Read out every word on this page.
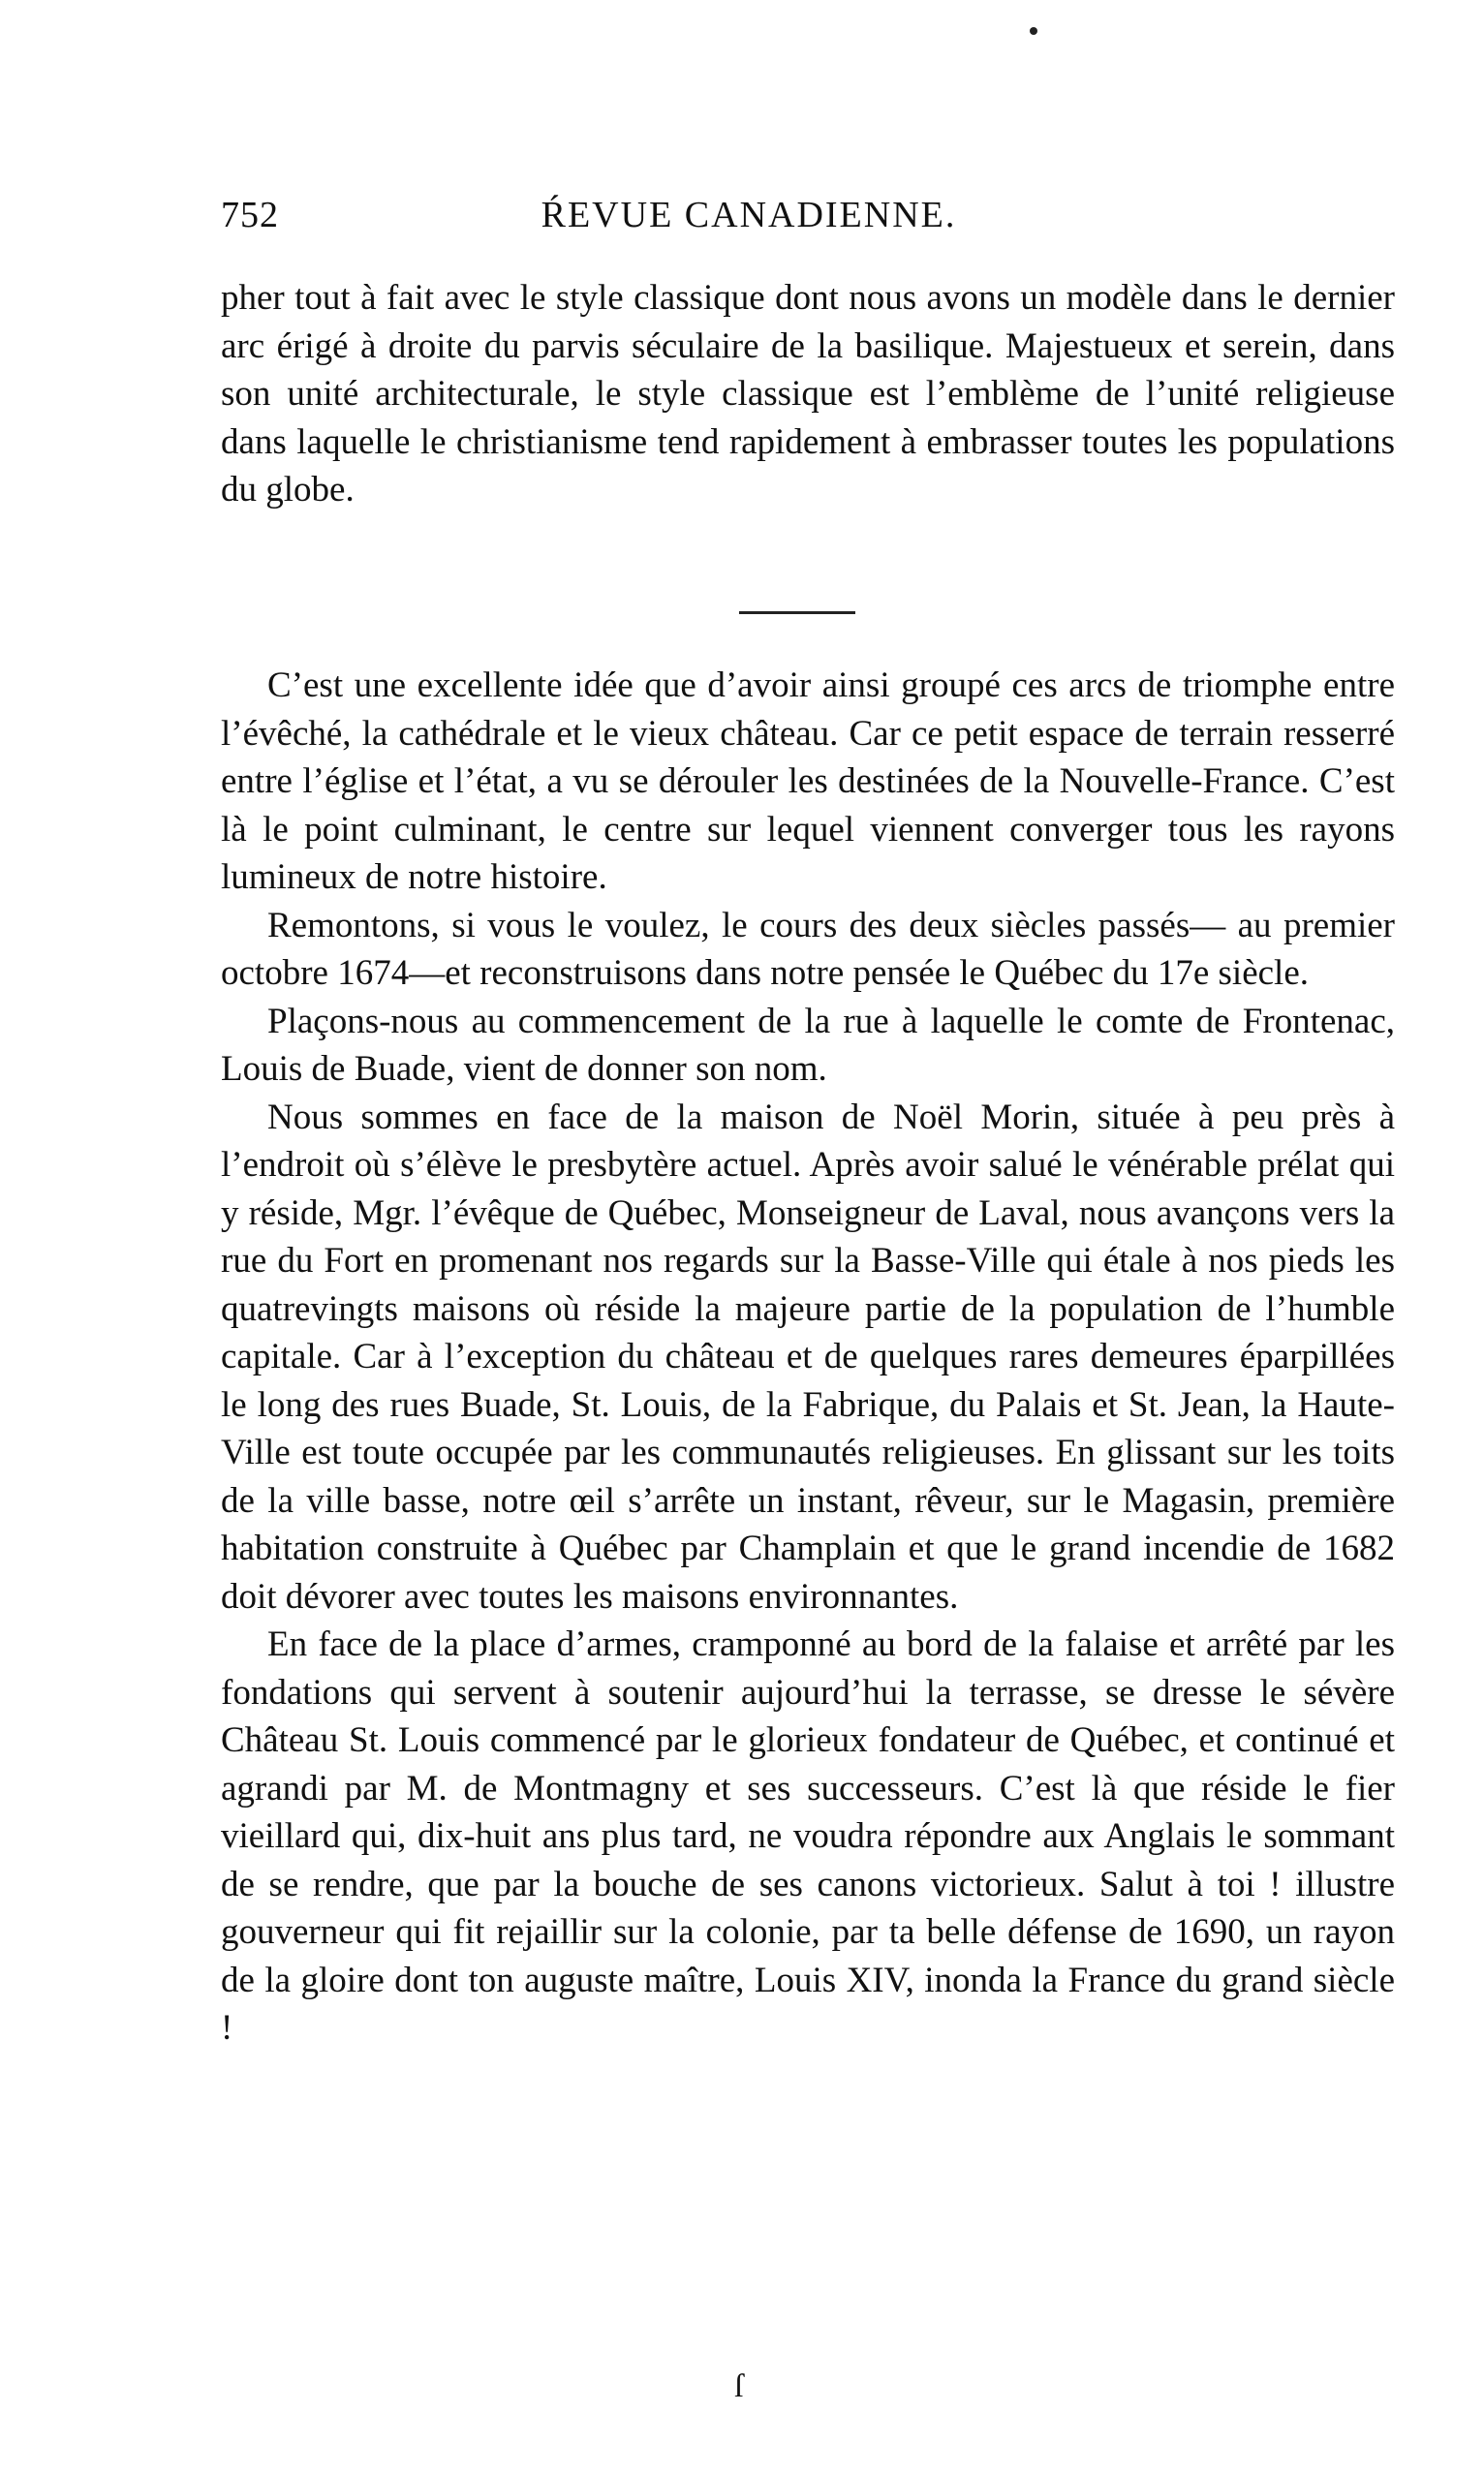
752	ŔEVUE CANADIENNE.

pher tout à fait avec le style classique dont nous avons un modèle dans le dernier arc érigé à droite du parvis séculaire de la basilique. Majestueux et serein, dans son unité architecturale, le style classique est l’emblème de l’unité religieuse dans laquelle le christianisme tend rapidement à embrasser toutes les populations du globe.

C’est une excellente idée que d’avoir ainsi groupé ces arcs de triomphe entre l’évêché, la cathédrale et le vieux château. Car ce petit espace de terrain resserré entre l’église et l’état, a vu se dérouler les destinées de la Nouvelle-France. C’est là le point culminant, le centre sur lequel viennent converger tous les rayons lumineux de notre histoire.

Remontons, si vous le voulez, le cours des deux siècles passés— au premier octobre 1674—et reconstruisons dans notre pensée le Québec du 17e siècle.

Plaçons-nous au commencement de la rue à laquelle le comte de Frontenac, Louis de Buade, vient de donner son nom.

Nous sommes en face de la maison de Noël Morin, située à peu près à l’endroit où s’élève le presbytère actuel. Après avoir salué le vénérable prélat qui y réside, Mgr. l’évêque de Québec, Monseigneur de Laval, nous avançons vers la rue du Fort en promenant nos regards sur la Basse-Ville qui étale à nos pieds les quatrevingts maisons où réside la majeure partie de la population de l’humble capitale. Car à l’exception du château et de quelques rares demeures éparpillées le long des rues Buade, St. Louis, de la Fabrique, du Palais et St. Jean, la Haute-Ville est toute occupée par les communautés religieuses. En glissant sur les toits de la ville basse, notre œil s’arrête un instant, rêveur, sur le Magasin, première habitation construite à Québec par Champlain et que le grand incendie de 1682 doit dévorer avec toutes les maisons environnantes.

En face de la place d’armes, cramponné au bord de la falaise et arrêté par les fondations qui servent à soutenir aujourd’hui la terrasse, se dresse le sévère Château St. Louis commencé par le glorieux fondateur de Québec, et continué et agrandi par M. de Montmagny et ses successeurs. C’est là que réside le fier vieillard qui, dix-huit ans plus tard, ne voudra répondre aux Anglais le sommant de se rendre, que par la bouche de ses canons victorieux. Salut à toi ! illustre gouverneur qui fit rejaillir sur la colonie, par ta belle défense de 1690, un rayon de la gloire dont ton auguste maître, Louis XIV, inonda la France du grand siècle !

ſ
